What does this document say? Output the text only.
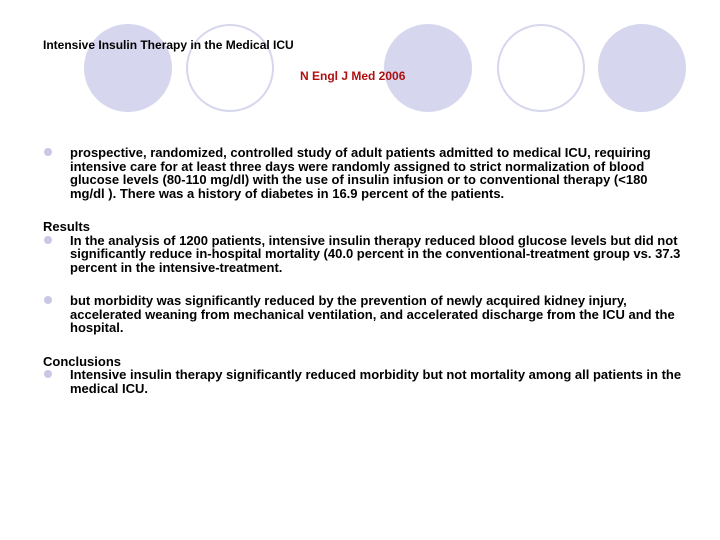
Intensive Insulin Therapy in the Medical ICU
N Engl J Med 2006
prospective, randomized, controlled study of adult patients admitted to medical ICU, requiring intensive care for at least three days were randomly assigned to strict normalization of blood glucose levels (80-110 mg/dl) with the use of insulin infusion or to conventional therapy (<180 mg/dl ). There was a history of diabetes in 16.9 percent of the patients.
Results
In the analysis of 1200 patients, intensive insulin therapy reduced blood glucose levels but did not significantly reduce in-hospital mortality (40.0 percent in the conventional-treatment group vs. 37.3 percent in the intensive-treatment.
but morbidity was significantly reduced by the prevention of newly acquired kidney injury, accelerated weaning from mechanical ventilation, and accelerated discharge from the ICU and the hospital.
Conclusions
Intensive insulin therapy significantly reduced morbidity but not mortality among all patients in the medical ICU.
